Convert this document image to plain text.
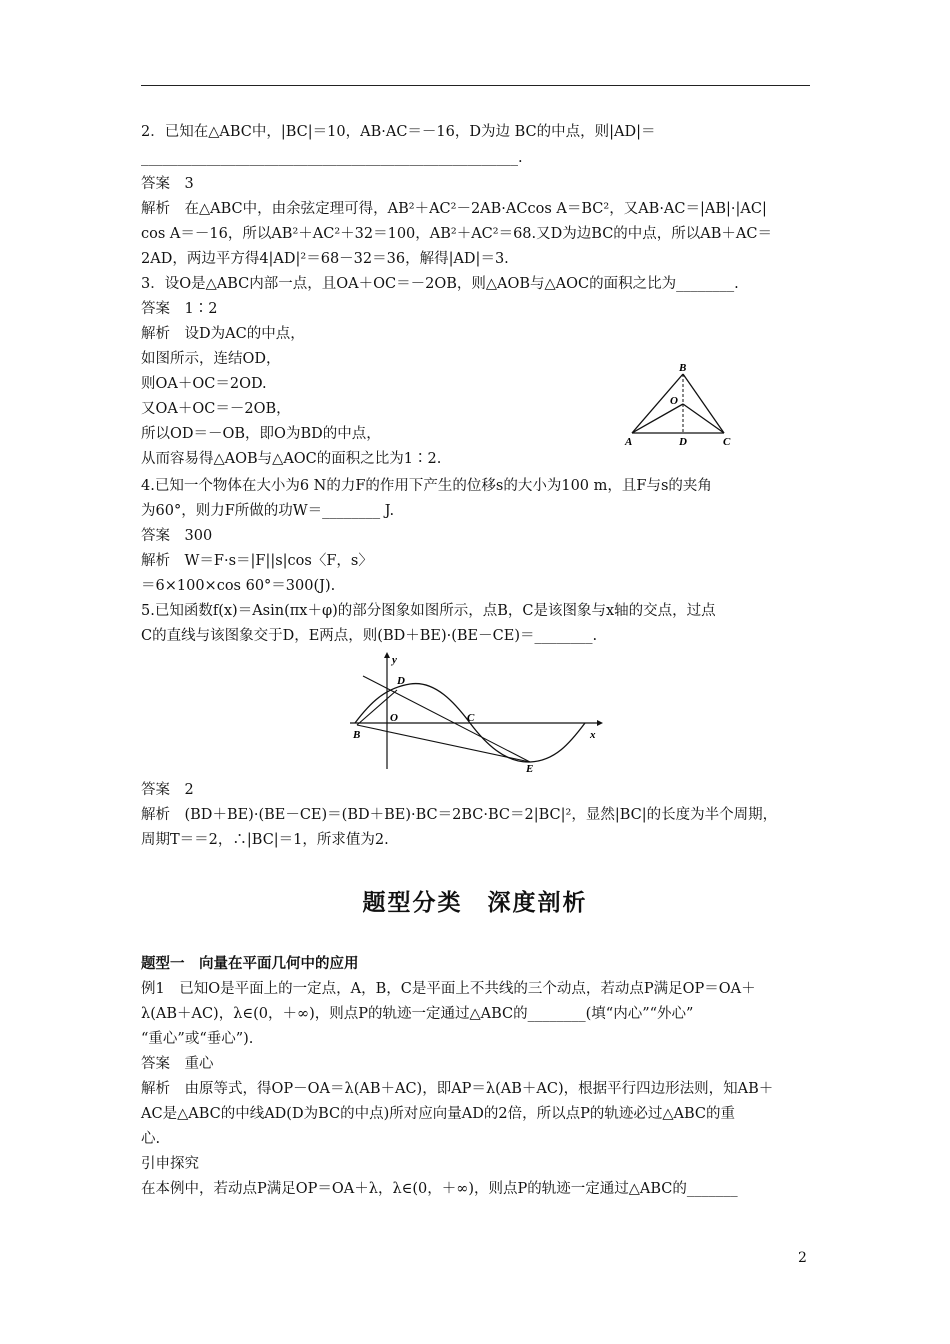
2．已知在△ABC中，|BC|＝10，AB·AC＝－16，D为边 BC的中点，则|AD|＝
____________________________________________________.
答案　3
解析　在△ABC中，由余弦定理可得，AB²＋AC²－2AB·ACcos A＝BC²，又AB·AC＝|AB|·|AC|
cos A＝－16，所以AB²＋AC²＋32＝100，AB²＋AC²＝68.又D为边BC的中点，所以AB＋AC＝
2AD，两边平方得4|AD|²＝68－32＝36，解得|AD|＝3.
3．设O是△ABC内部一点，且OA＋OC＝－2OB，则△AOB与△AOC的面积之比为________.
答案　1∶2
解析　设D为AC的中点，
如图所示，连结OD，
则OA＋OC＝2OD.
又OA＋OC＝－2OB，
所以OD＝－OB，即O为BD的中点，
从而容易得△AOB与△AOC的面积之比为1∶2.
B
O
A	D	C
4.已知一个物体在大小为6 N的力F的作用下产生的位移s的大小为100 m，且F与s的夹角
为60°，则力F所做的功W＝________ J.
答案　300
解析　W＝F·s＝|F||s|cos〈F，s〉
＝6×100×cos 60°＝300(J).
5.已知函数f(x)＝Asin(πx＋φ)的部分图象如图所示，点B，C是该图象与x轴的交点，过点
C的直线与该图象交于D，E两点，则(BD＋BE)·(BE－CE)＝________.
y
D
O	C
B	x
E
答案　2
解析　(BD＋BE)·(BE－CE)＝(BD＋BE)·BC＝2BC·BC＝2|BC|²，显然|BC|的长度为半个周期，
周期T＝＝2，∴|BC|＝1，所求值为2.
题型分类　深度剖析
题型一　向量在平面几何中的应用
例1　已知O是平面上的一定点，A，B，C是平面上不共线的三个动点，若动点P满足OP＝OA＋
λ(AB＋AC)，λ∈(0，＋∞)，则点P的轨迹一定通过△ABC的________(填“内心”“外心”
“重心”或“垂心”).
答案　重心
解析　由原等式，得OP－OA＝λ(AB＋AC)，即AP＝λ(AB＋AC)，根据平行四边形法则，知AB＋
AC是△ABC的中线AD(D为BC的中点)所对应向量AD的2倍，所以点P的轨迹必过△ABC的重
心.
引申探究
在本例中，若动点P满足OP＝OA＋λ，λ∈(0，＋∞)，则点P的轨迹一定通过△ABC的_______
2
